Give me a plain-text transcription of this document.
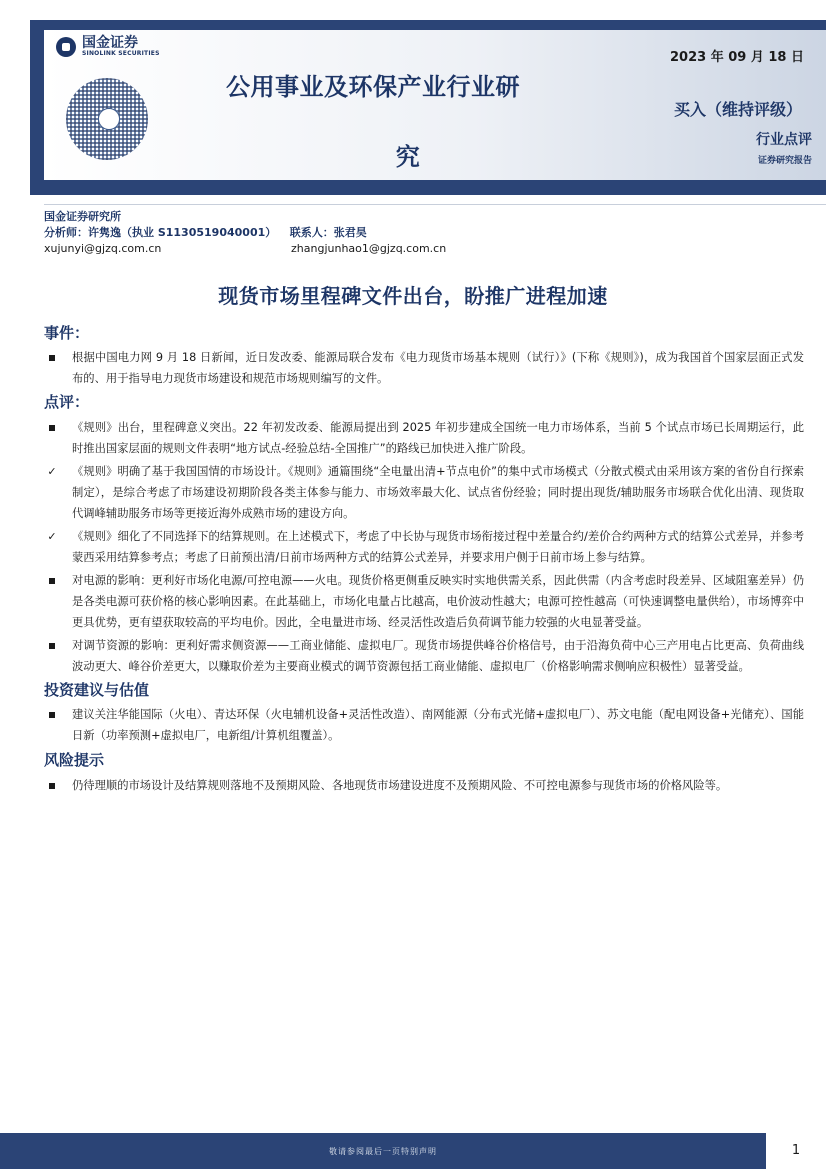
国金证券
SINOLINK SECURITIES
公用事业及环保产业行业研
究
2023 年 09 月 18 日
买入（维持评级）
行业点评
证券研究报告
国金证券研究所
分析师：许隽逸（执业 S1130519040001） 联系人：张君昊
xujunyi@gjzq.com.cn	zhangjunhao1@gjzq.com.cn
现货市场里程碑文件出台，盼推广进程加速
事件：

根据中国电力网 9 月 18 日新闻，近日发改委、能源局联合发布《电力现货市场基本规则（试行）》(下称《规则》)，成为我国首个国家层面正式发布的、用于指导电力现货市场建设和规范市场规则编写的文件。

点评：

《规则》出台，里程碑意义突出。22 年初发改委、能源局提出到 2025 年初步建成全国统一电力市场体系，当前 5 个试点市场已长周期运行，此时推出国家层面的规则文件表明“地方试点-经验总结-全国推广”的路线已加快进入推广阶段。

✓	《规则》明确了基于我国国情的市场设计。《规则》通篇围绕“全电量出清+节点电价”的集中式市场模式（分散式模式由采用该方案的省份自行探索制定），是综合考虑了市场建设初期阶段各类主体参与能力、市场效率最大化、试点省份经验；同时提出现货/辅助服务市场联合优化出清、现货取代调峰辅助服务市场等更接近海外成熟市场的建设方向。

✓	《规则》细化了不同选择下的结算规则。在上述模式下，考虑了中长协与现货市场衔接过程中差量合约/差价合约两种方式的结算公式差异，并参考蒙西采用结算参考点；考虑了日前预出清/日前市场两种方式的结算公式差异，并要求用户侧于日前市场上参与结算。

对电源的影响：更利好市场化电源/可控电源——火电。现货价格更侧重反映实时实地供需关系，因此供需（内含考虑时段差异、区域阻塞差异）仍是各类电源可获价格的核心影响因素。在此基础上，市场化电量占比越高，电价波动性越大；电源可控性越高（可快速调整电量供给），市场博弈中更具优势，更有望获取较高的平均电价。因此，全电量进市场、经灵活性改造后负荷调节能力较强的火电显著受益。

对调节资源的影响：更利好需求侧资源——工商业储能、虚拟电厂。现货市场提供峰谷价格信号，由于沿海负荷中心三产用电占比更高、负荷曲线波动更大、峰谷价差更大，以赚取价差为主要商业模式的调节资源包括工商业储能、虚拟电厂（价格影响需求侧响应积极性）显著受益。

投资建议与估值

建议关注华能国际（火电）、青达环保（火电辅机设备+灵活性改造）、南网能源（分布式光储+虚拟电厂）、苏文电能（配电网设备+光储充）、国能日新（功率预测+虚拟电厂，电新组/计算机组覆盖）。

风险提示

仍待理顺的市场设计及结算规则落地不及预期风险、各地现货市场建设进度不及预期风险、不可控电源参与现货市场的价格风险等。

敬请参阅最后一页特别声明	1
